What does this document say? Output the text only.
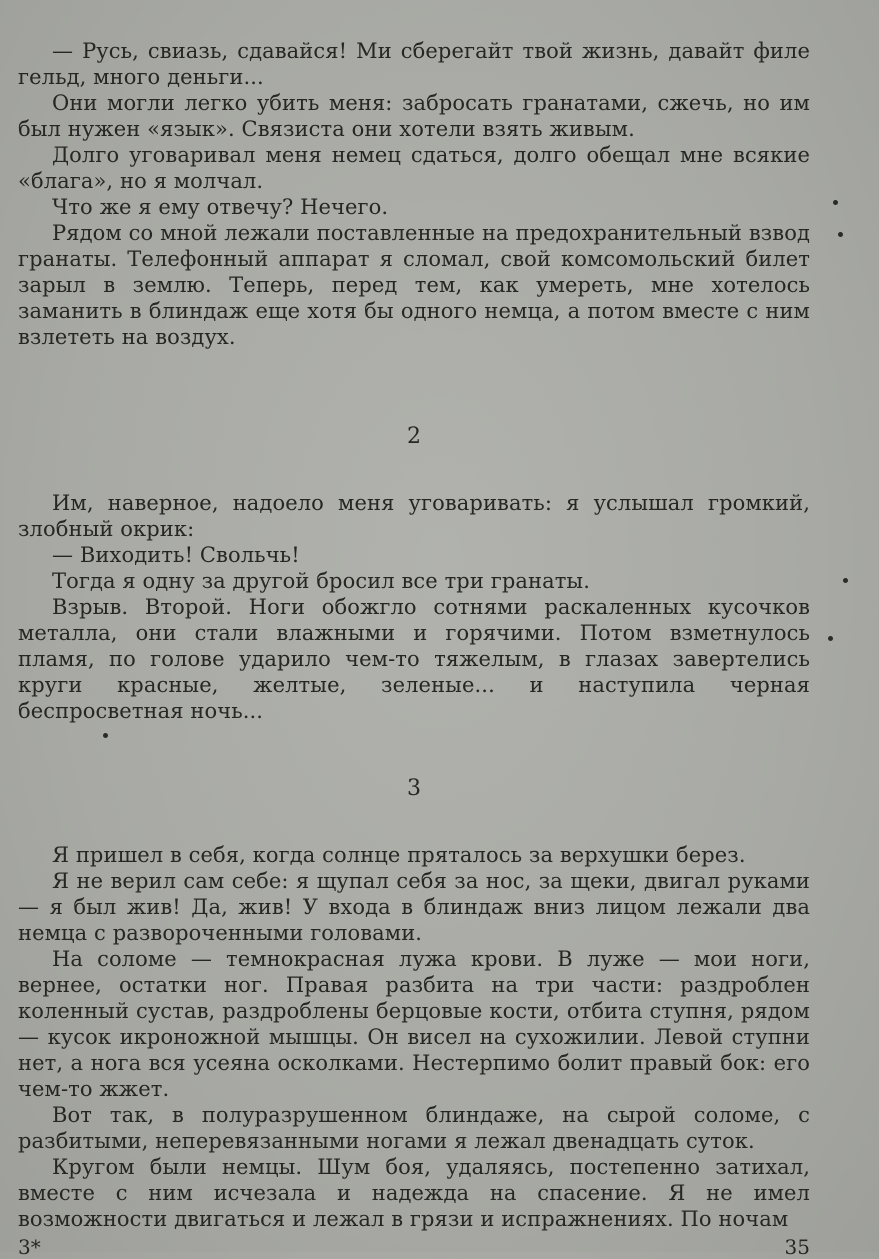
— Русь, свиазь, сдавайся! Ми сберегайт твой жизнь, давайт филе гельд, много деньги...

Они могли легко убить меня: забросать гранатами, сжечь, но им был нужен «язык». Связиста они хотели взять живым.

Долго уговаривал меня немец сдаться, долго обещал мне всякие «блага», но я молчал.

Что же я ему отвечу? Нечего.

Рядом со мной лежали поставленные на предохранительный взвод гранаты. Телефонный аппарат я сломал, свой комсомольский билет зарыл в землю. Теперь, перед тем, как умереть, мне хотелось заманить в блиндаж еще хотя бы одного немца, а потом вместе с ним взлететь на воздух.

2

Им, наверное, надоело меня уговаривать: я услышал громкий, злобный окрик:

— Виходить! Свольчь!

Тогда я одну за другой бросил все три гранаты.

Взрыв. Второй. Ноги обожгло сотнями раскаленных кусочков металла, они стали влажными и горячими. Потом взметнулось пламя, по голове ударило чем-то тяжелым, в глазах завертелись круги красные, желтые, зеленые... и наступила черная беспросветная ночь...

3

Я пришел в себя, когда солнце пряталось за верхушки берез.

Я не верил сам себе: я щупал себя за нос, за щеки, двигал руками — я был жив! Да, жив! У входа в блиндаж вниз лицом лежали два немца с развороченными головами.

На соломе — темнокрасная лужа крови. В луже — мои ноги, вернее, остатки ног. Правая разбита на три части: раздроблен коленный сустав, раздроблены берцовые кости, отбита ступня, рядом — кусок икроножной мышцы. Он висел на сухожилии. Левой ступни нет, а нога вся усеяна осколками. Нестерпимо болит правый бок: его чем-то жжет.

Вот так, в полуразрушенном блиндаже, на сырой соломе, с разбитыми, неперевязанными ногами я лежал двенадцать суток.

Кругом были немцы. Шум боя, удаляясь, постепенно затихал, вместе с ним исчезала и надежда на спасение. Я не имел возможности двигаться и лежал в грязи и испражнениях. По ночам

3*	35
